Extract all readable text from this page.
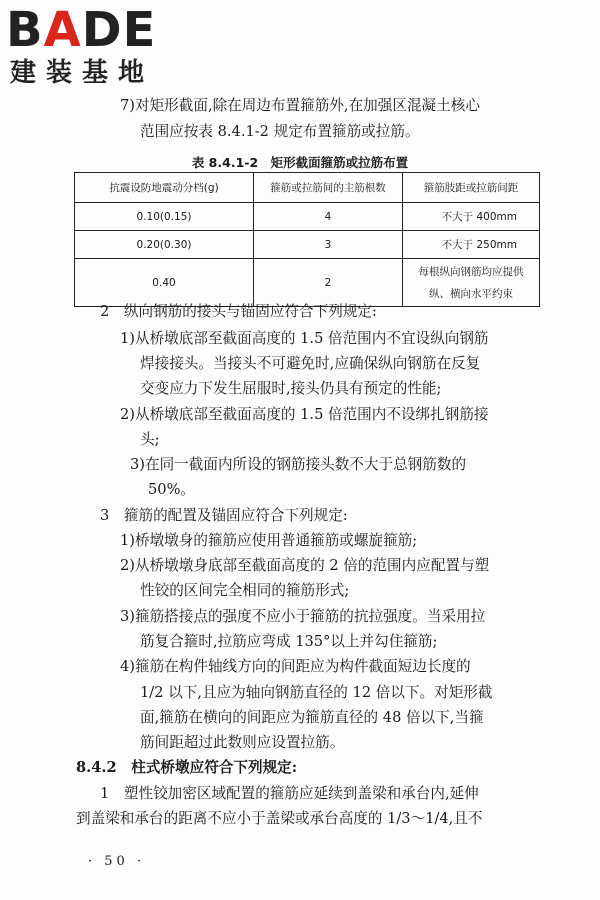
BADE
建装基地
7)对矩形截面,除在周边布置箍筋外,在加强区混凝土核心
范围应按表 8.4.1-2 规定布置箍筋或拉筋。
表 8.4.1-2　矩形截面箍筋或拉筋布置
抗震设防地震动分档(g)	箍筋或拉筋间的主筋根数	箍筋肢距或拉筋间距
0.10(0.15)	4	不大于 400mm
0.20(0.30)	3	不大于 250mm
0.40	2	每根纵向钢筋均应提供
纵、横向水平约束
2　纵向钢筋的接头与锚固应符合下列规定:
1)从桥墩底部至截面高度的 1.5 倍范围内不宜设纵向钢筋
焊接接头。当接头不可避免时,应确保纵向钢筋在反复
交变应力下发生屈服时,接头仍具有预定的性能;
2)从桥墩底部至截面高度的 1.5 倍范围内不设绑扎钢筋接
头;
3)在同一截面内所设的钢筋接头数不大于总钢筋数的
50%。
3　箍筋的配置及锚固应符合下列规定:
1)桥墩墩身的箍筋应使用普通箍筋或螺旋箍筋;
2)从桥墩墩身底部至截面高度的 2 倍的范围内应配置与塑
性铰的区间完全相同的箍筋形式;
3)箍筋搭接点的强度不应小于箍筋的抗拉强度。当采用拉
筋复合箍时,拉筋应弯成 135°以上并勾住箍筋;
4)箍筋在构件轴线方向的间距应为构件截面短边长度的
1/2 以下,且应为轴向钢筋直径的 12 倍以下。对矩形截
面,箍筋在横向的间距应为箍筋直径的 48 倍以下,当箍
筋间距超过此数则应设置拉筋。
8.4.2　柱式桥墩应符合下列规定:
1　塑性铰加密区域配置的箍筋应延续到盖梁和承台内,延伸
到盖梁和承台的距离不应小于盖梁或承台高度的 1/3～1/4,且不
· 50 ·
